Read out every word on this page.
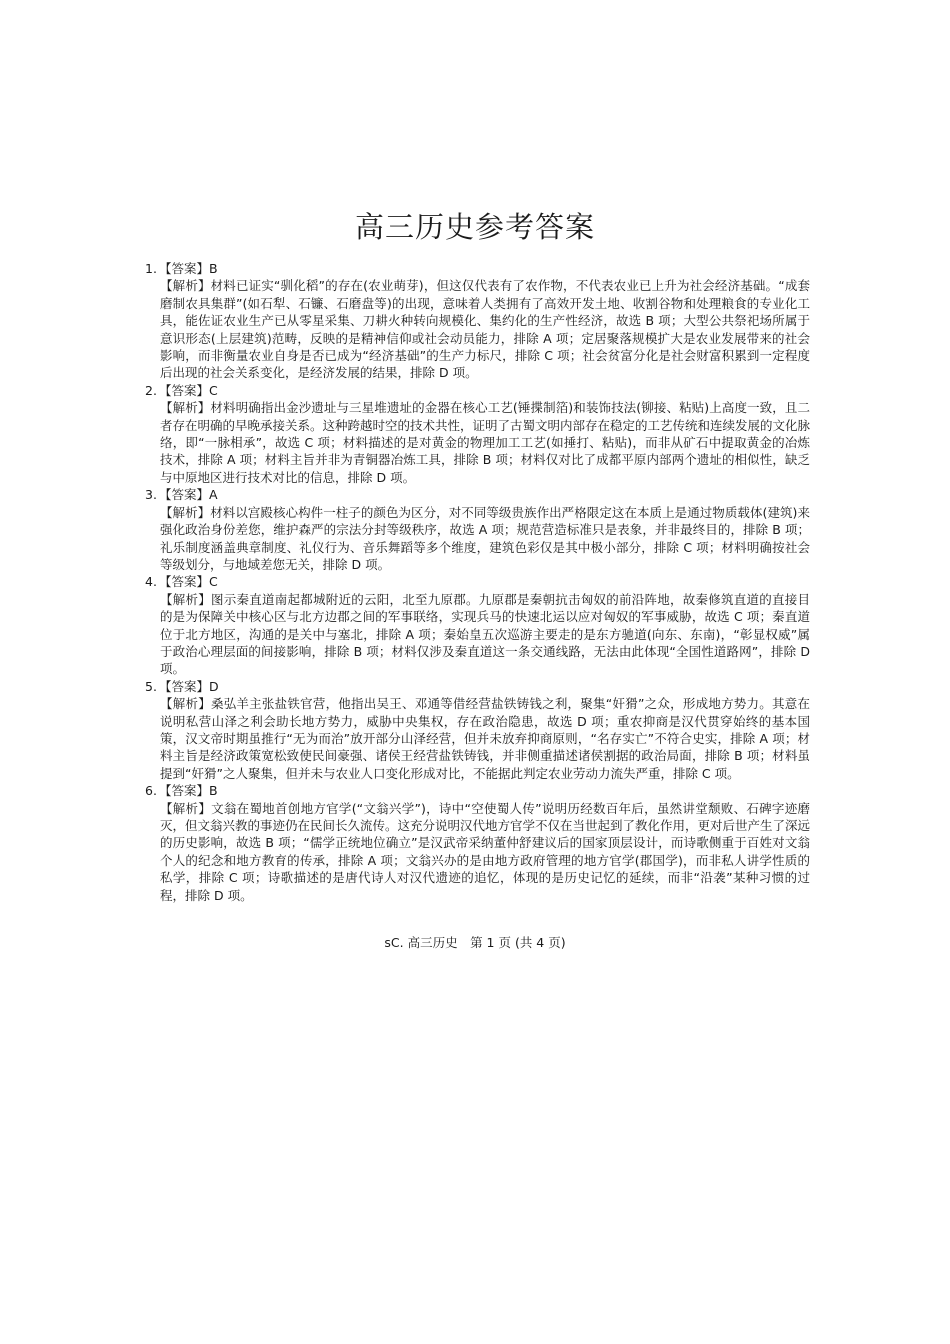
高三历史参考答案
1. 【答案】B
【解析】材料已证实“驯化稻”的存在(农业萌芽)，但这仅代表有了农作物，不代表农业已上升为社会经济基础。“成套磨制农具集群”(如石犁、石镰、石磨盘等)的出现，意味着人类拥有了高效开发土地、收割谷物和处理粮食的专业化工具，能佐证农业生产已从零星采集、刀耕火种转向规模化、集约化的生产性经济，故选 B 项；大型公共祭祀场所属于意识形态(上层建筑)范畴，反映的是精神信仰或社会动员能力，排除 A 项；定居聚落规模扩大是农业发展带来的社会影响，而非衡量农业自身是否已成为“经济基础”的生产力标尺，排除 C 项；社会贫富分化是社会财富积累到一定程度后出现的社会关系变化，是经济发展的结果，排除 D 项。
2. 【答案】C
【解析】材料明确指出金沙遗址与三星堆遗址的金器在核心工艺(锤揲制箔)和装饰技法(铆接、粘贴)上高度一致，且二者存在明确的早晚承接关系。这种跨越时空的技术共性，证明了古蜀文明内部存在稳定的工艺传统和连续发展的文化脉络，即“一脉相承”，故选 C 项；材料描述的是对黄金的物理加工工艺(如捶打、粘贴)，而非从矿石中提取黄金的冶炼技术，排除 A 项；材料主旨并非为青铜器冶炼工具，排除 B 项；材料仅对比了成都平原内部两个遗址的相似性，缺乏与中原地区进行技术对比的信息，排除 D 项。
3. 【答案】A
【解析】材料以宫殿核心构件一柱子的颜色为区分，对不同等级贵族作出严格限定这在本质上是通过物质载体(建筑)来强化政治身份差您，维护森严的宗法分封等级秩序，故选 A 项；规范营造标准只是表象，并非最终目的，排除 B 项；礼乐制度涵盖典章制度、礼仪行为、音乐舞蹈等多个维度，建筑色彩仅是其中极小部分，排除 C 项；材料明确按社会等级划分，与地域差您无关，排除 D 项。
4. 【答案】C
【解析】图示秦直道南起都城附近的云阳，北至九原郡。九原郡是秦朝抗击匈奴的前沿阵地，故秦修筑直道的直接目的是为保障关中核心区与北方边郡之间的军事联络，实现兵马的快速北运以应对匈奴的军事威胁，故选 C 项；秦直道位于北方地区，沟通的是关中与塞北，排除 A 项；秦始皇五次巡游主要走的是东方驰道(向东、东南)，“彰显权威”属于政治心理层面的间接影响，排除 B 项；材料仅涉及秦直道这一条交通线路，无法由此体现“全国性道路网”，排除 D 项。
5. 【答案】D
【解析】桑弘羊主张盐铁官营，他指出吴王、邓通等借经营盐铁铸钱之利，聚集“奸猾”之众，形成地方势力。其意在说明私营山泽之利会助长地方势力，威胁中央集权，存在政治隐患，故选 D 项；重农抑商是汉代贯穿始终的基本国策，汉文帝时期虽推行“无为而治”放开部分山泽经营，但并未放弃抑商原则，“名存实亡”不符合史实，排除 A 项；材料主旨是经济政策宽松致使民间豪强、诸侯王经营盐铁铸钱，并非侧重描述诸侯割据的政治局面，排除 B 项；材料虽提到“奸猾”之人聚集，但并未与农业人口变化形成对比，不能据此判定农业劳动力流失严重，排除 C 项。
6. 【答案】B
【解析】文翁在蜀地首创地方官学(“文翁兴学”)，诗中“空使蜀人传”说明历经数百年后，虽然讲堂颓败、石碑字迹磨灭，但文翁兴教的事迹仍在民间长久流传。这充分说明汉代地方官学不仅在当世起到了教化作用，更对后世产生了深远的历史影响，故选 B 项；“儒学正统地位确立”是汉武帝采纳董仲舒建议后的国家顶层设计，而诗歌侧重于百姓对文翁个人的纪念和地方教育的传承，排除 A 项；文翁兴办的是由地方政府管理的地方官学(郡国学)，而非私人讲学性质的私学，排除 C 项；诗歌描述的是唐代诗人对汉代遗迹的追忆，体现的是历史记忆的延续，而非“沿袭”某种习惯的过程，排除 D 项。
sC. 高三历史　第 1 页 (共 4 页)
